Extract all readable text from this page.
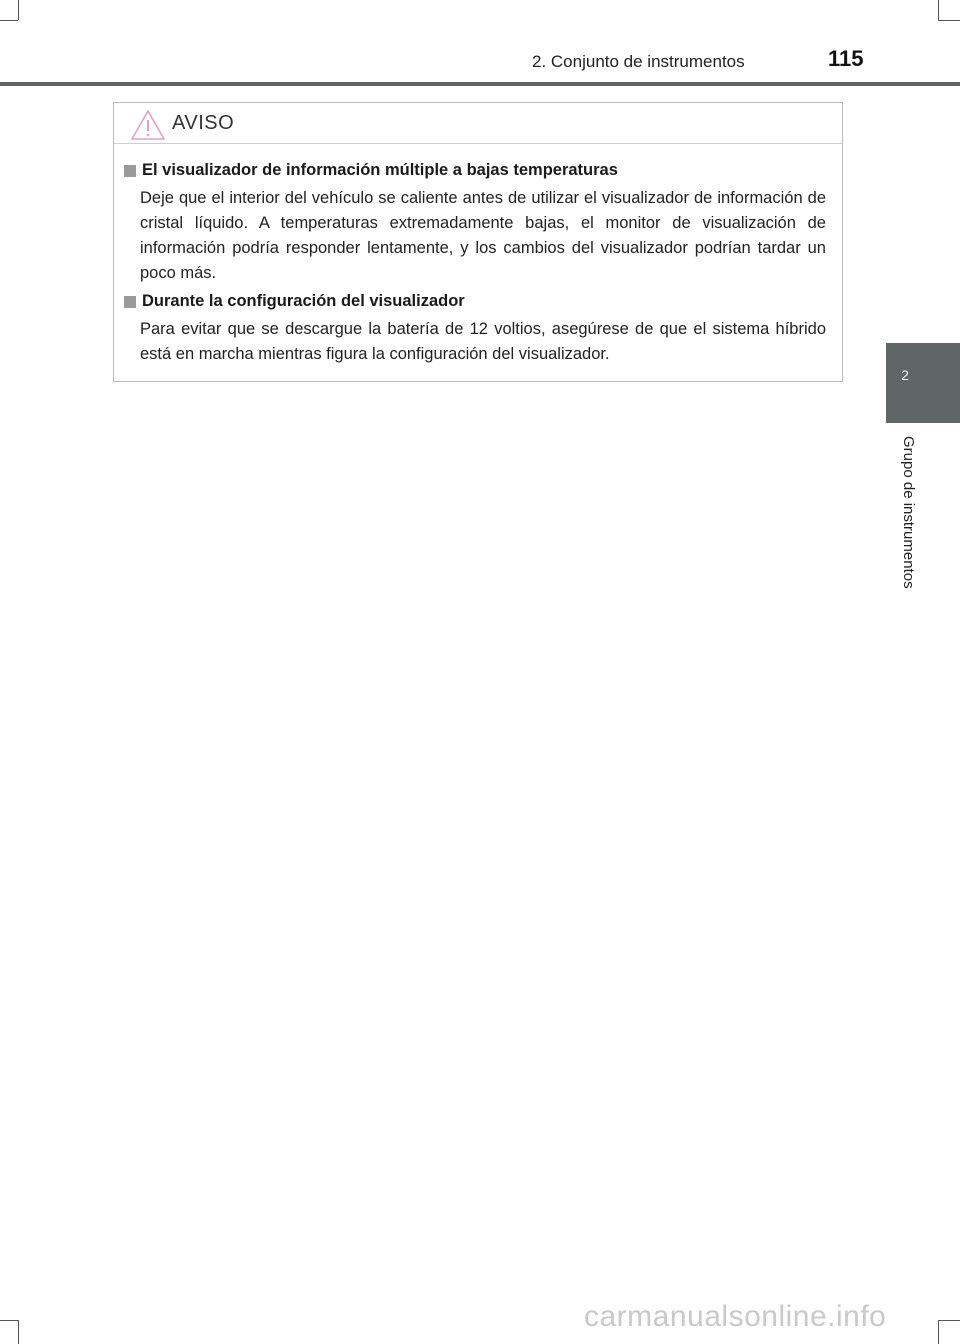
2. Conjunto de instrumentos	115
2
Grupo de instrumentos
AVISO
El visualizador de información múltiple a bajas temperaturas
Deje que el interior del vehículo se caliente antes de utilizar el visualizador de información de cristal líquido. A temperaturas extremadamente bajas, el monitor de visualización de información podría responder lentamente, y los cambios del visualizador podrían tardar un poco más.
Durante la configuración del visualizador
Para evitar que se descargue la batería de 12 voltios, asegúrese de que el sistema híbrido está en marcha mientras figura la configuración del visualizador.
carmanualsonline.info
